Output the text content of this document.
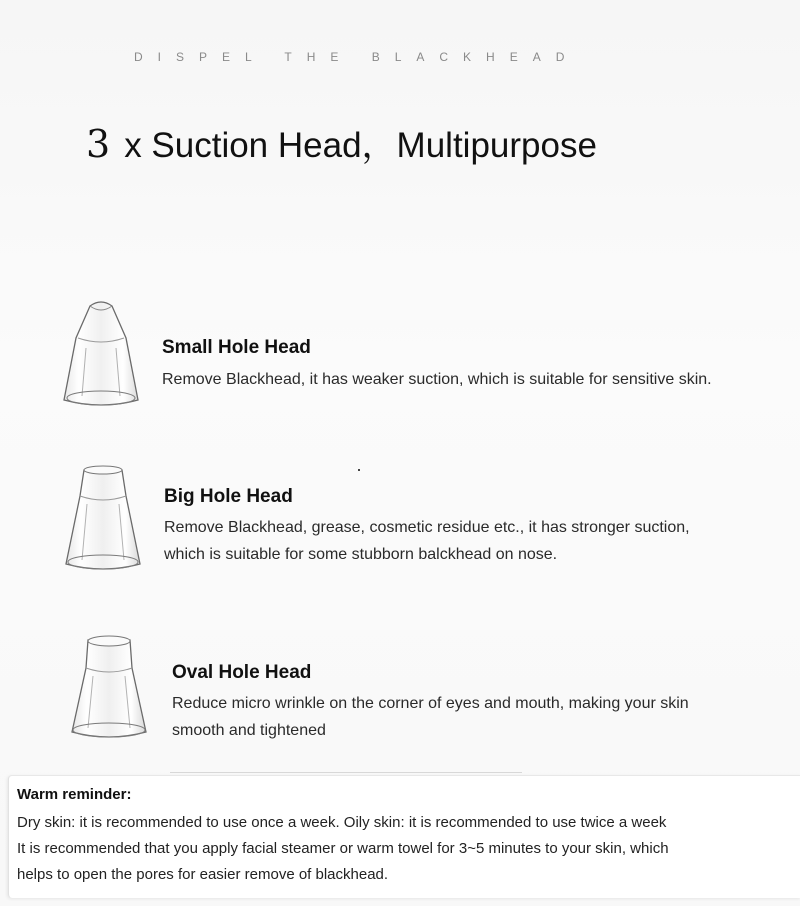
DISPEL THE BLACKHEAD
3 x Suction Head，Multipurpose
Small Hole Head

Remove Blackhead, it has weaker suction, which is suitable for sensitive skin.

Big Hole Head

Remove Blackhead, grease, cosmetic residue etc., it has stronger suction,

which is suitable for some stubborn balckhead on nose.

Oval Hole Head

Reduce micro wrinkle on the corner of eyes and mouth, making your skin

smooth and tightened

Warm reminder:
Dry skin: it is recommended to use once a week. Oily skin: it is recommended to use twice a week
It is recommended that you apply facial steamer or warm towel for 3~5 minutes to your skin, which
helps to open the pores for easier remove of blackhead.
